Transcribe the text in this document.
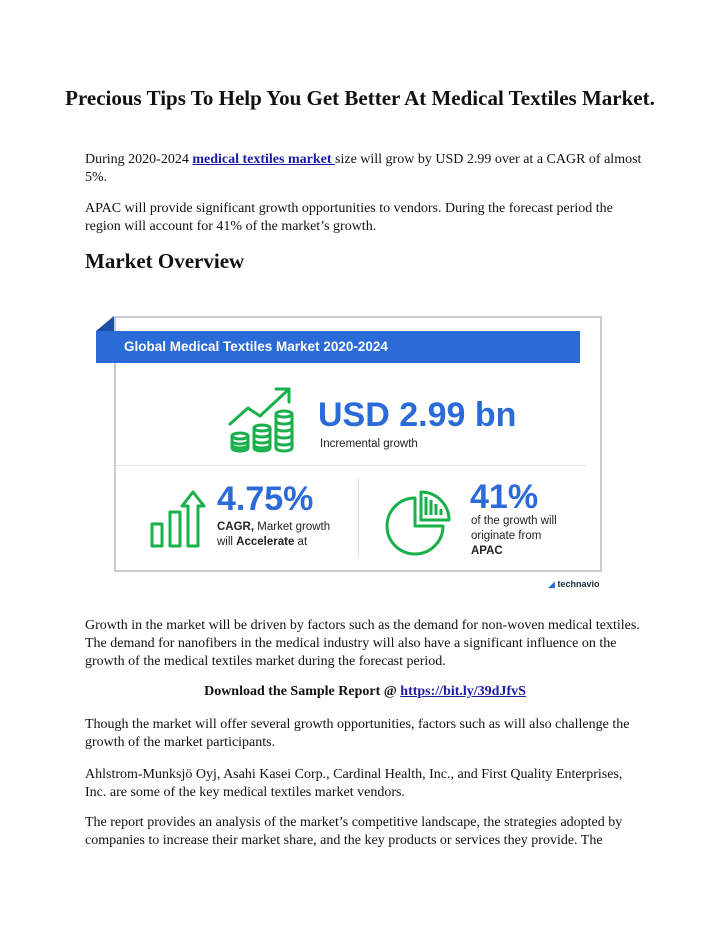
Precious Tips To Help You Get Better At Medical Textiles Market.

During 2020-2024 medical textiles market size will grow by USD 2.99 over at a CAGR of almost 5%.

APAC will provide significant growth opportunities to vendors. During the forecast period the region will account for 41% of the market’s growth.

Market Overview
Global Medical Textiles Market 2020-2024
USD 2.99 bn
Incremental growth
4.75%
CAGR, Market growth
will Accelerate at
41%
of the growth will
originate from
APAC
◢ technavio

Growth in the market will be driven by factors such as the demand for non-woven medical textiles. The demand for nanofibers in the medical industry will also have a significant influence on the growth of the medical textiles market during the forecast period.

Download the Sample Report @ https://bit.ly/39dJfvS

Though the market will offer several growth opportunities, factors such as will also challenge the growth of the market participants.

Ahlstrom-Munksjö Oyj, Asahi Kasei Corp., Cardinal Health, Inc., and First Quality Enterprises, Inc. are some of the key medical textiles market vendors.

The report provides an analysis of the market’s competitive landscape, the strategies adopted by companies to increase their market share, and the key products or services they provide. The
